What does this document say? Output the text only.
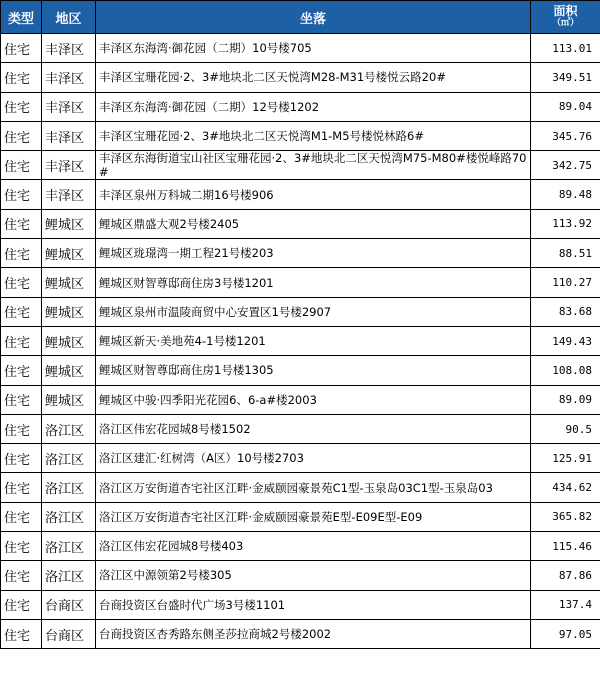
类型	地区	坐落	面积
（㎡）

住宅	丰泽区	丰泽区东海湾·御花园（二期）10号楼705	113.01
住宅	丰泽区	丰泽区宝珊花园·2、3#地块北二区天悦湾M28-M31号楼悦云路20#	349.51
住宅	丰泽区	丰泽区东海湾·御花园（二期）12号楼1202	89.04
住宅	丰泽区	丰泽区宝珊花园·2、3#地块北二区天悦湾M1-M5号楼悦林路6#	345.76
住宅	丰泽区	丰泽区东海街道宝山社区宝珊花园·2、3#地块北二区天悦湾M75-M80#楼悦峰路70#	342.75
住宅	丰泽区	丰泽区泉州万科城二期16号楼906	89.48
住宅	鲤城区	鲤城区鼎盛大观2号楼2405	113.92
住宅	鲤城区	鲤城区珑璟湾一期工程21号楼203	88.51
住宅	鲤城区	鲤城区财智尊邸商住房3号楼1201	110.27
住宅	鲤城区	鲤城区泉州市温陵商贸中心安置区1号楼2907	83.68
住宅	鲤城区	鲤城区新天·美地苑4-1号楼1201	149.43
住宅	鲤城区	鲤城区财智尊邸商住房1号楼1305	108.08
住宅	鲤城区	鲤城区中骏·四季阳光花园6、6-a#楼2003	89.09
住宅	洛江区	洛江区伟宏花园城8号楼1502	90.5
住宅	洛江区	洛江区建汇·红树湾（A区）10号楼2703	125.91
住宅	洛江区	洛江区万安街道杏宅社区江畔·金威颐园豪景苑C1型-玉泉岛03C1型-玉泉岛03	434.62
住宅	洛江区	洛江区万安街道杏宅社区江畔·金威颐园豪景苑E型-E09E型-E09	365.82
住宅	洛江区	洛江区伟宏花园城8号楼403	115.46
住宅	洛江区	洛江区中源领第2号楼305	87.86
住宅	台商区	台商投资区台盛时代广场3号楼1101	137.4
住宅	台商区	台商投资区杏秀路东侧圣莎拉商城2号楼2002	97.05
